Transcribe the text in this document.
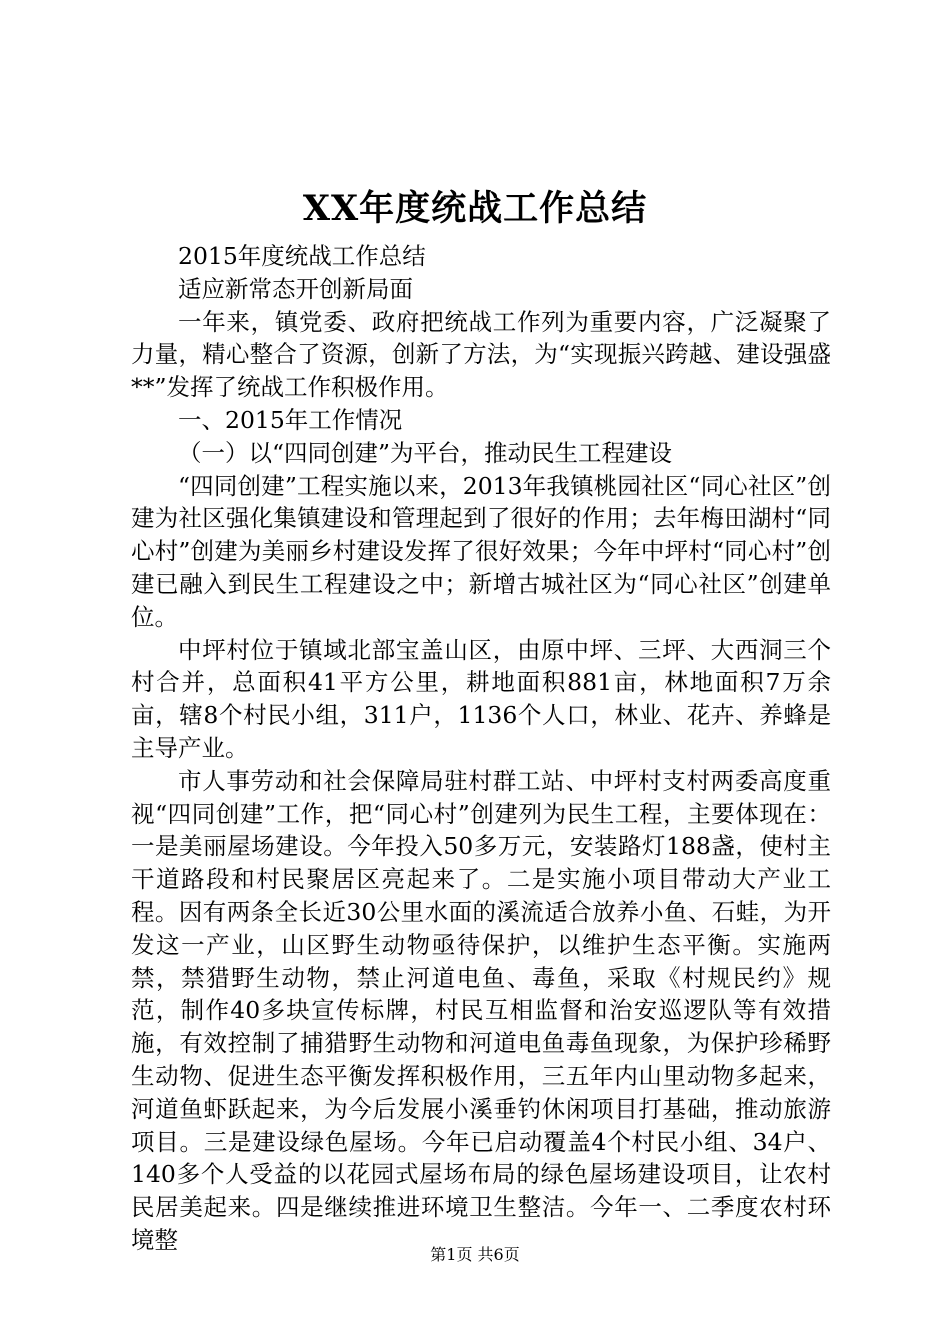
XX年度统战工作总结

2015年度统战工作总结

适应新常态开创新局面

一年来，镇党委、政府把统战工作列为重要内容，广泛凝聚了力量，精心整合了资源，创新了方法，为“实现振兴跨越、建设强盛**”发挥了统战工作积极作用。

一、2015年工作情况

（一）以“四同创建”为平台，推动民生工程建设

“四同创建”工程实施以来，2013年我镇桃园社区“同心社区”创建为社区强化集镇建设和管理起到了很好的作用；去年梅田湖村“同心村”创建为美丽乡村建设发挥了很好效果；今年中坪村“同心村”创建已融入到民生工程建设之中；新增古城社区为“同心社区”创建单位。

中坪村位于镇域北部宝盖山区，由原中坪、三坪、大西洞三个村合并，总面积41平方公里，耕地面积881亩，林地面积7万余亩，辖8个村民小组，311户，1136个人口，林业、花卉、养蜂是主导产业。

市人事劳动和社会保障局驻村群工站、中坪村支村两委高度重视“四同创建”工作，把“同心村”创建列为民生工程，主要体现在：一是美丽屋场建设。今年投入50多万元，安装路灯188盏，使村主干道路段和村民聚居区亮起来了。二是实施小项目带动大产业工程。因有两条全长近30公里水面的溪流适合放养小鱼、石蛙，为开发这一产业，山区野生动物亟待保护，以维护生态平衡。实施两禁，禁猎野生动物，禁止河道电鱼、毒鱼，采取《村规民约》规范，制作40多块宣传标牌，村民互相监督和治安巡逻队等有效措施，有效控制了捕猎野生动物和河道电鱼毒鱼现象，为保护珍稀野生动物、促进生态平衡发挥积极作用，三五年内山里动物多起来，河道鱼虾跃起来，为今后发展小溪垂钓休闲项目打基础，推动旅游项目。三是建设绿色屋场。今年已启动覆盖4个村民小组、34户、140多个人受益的以花园式屋场布局的绿色屋场建设项目，让农村民居美起来。四是继续推进环境卫生整洁。今年一、二季度农村环境整

第1页 共6页
